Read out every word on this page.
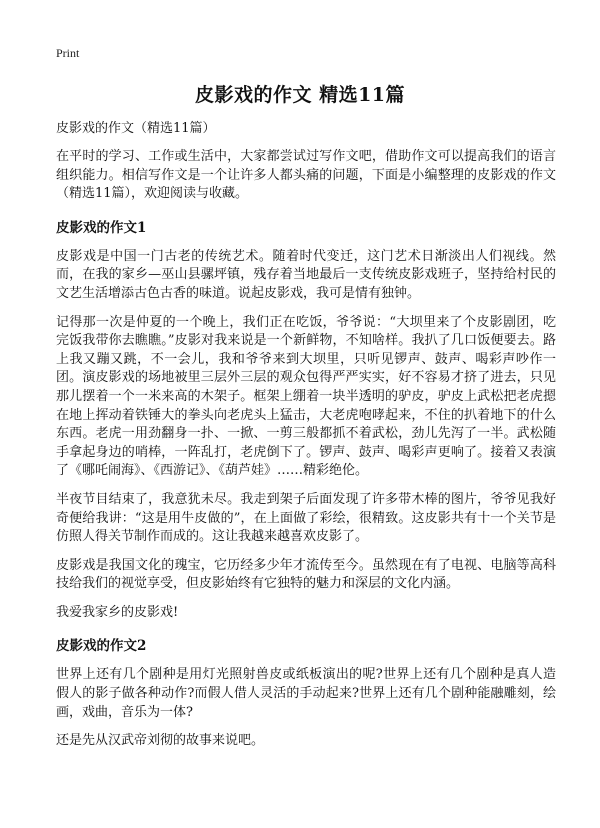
Print
皮影戏的作文 精选11篇

皮影戏的作文（精选11篇）

在平时的学习、工作或生活中，大家都尝试过写作文吧，借助作文可以提高我们的语言组织能力。相信写作文是一个让许多人都头痛的问题，下面是小编整理的皮影戏的作文（精选11篇），欢迎阅读与收藏。

皮影戏的作文1

皮影戏是中国一门古老的传统艺术。随着时代变迁，这门艺术日渐淡出人们视线。然而，在我的家乡—巫山县骡坪镇，残存着当地最后一支传统皮影戏班子，坚持给村民的文艺生活增添古色古香的味道。说起皮影戏，我可是情有独钟。

记得那一次是仲夏的一个晚上，我们正在吃饭，爷爷说：“大坝里来了个皮影剧团，吃完饭我带你去瞧瞧。”皮影对我来说是一个新鲜物，不知啥样。我扒了几口饭便要去。路上我又蹦又跳，不一会儿，我和爷爷来到大坝里，只听见锣声、鼓声、喝彩声吵作一团。演皮影戏的场地被里三层外三层的观众包得严严实实，好不容易才挤了进去，只见那儿摆着一个一米来高的木架子。框架上绷着一块半透明的驴皮，驴皮上武松把老虎摁在地上挥动着铁锤大的拳头向老虎头上猛击，大老虎咆哮起来，不住的扒着地下的什么东西。老虎一用劲翻身一扑、一掀、一剪三般都抓不着武松，劲儿先泻了一半。武松随手拿起身边的哨棒，一阵乱打，老虎倒下了。锣声、鼓声、喝彩声更响了。接着又表演了《哪吒闹海》、《西游记》、《葫芦娃》……精彩绝伦。

半夜节目结束了，我意犹未尽。我走到架子后面发现了许多带木棒的图片，爷爷见我好奇便给我讲：“这是用牛皮做的”，在上面做了彩绘，很精致。这皮影共有十一个关节是仿照人得关节制作而成的。这让我越来越喜欢皮影了。

皮影戏是我国文化的瑰宝，它历经多少年才流传至今。虽然现在有了电视、电脑等高科技给我们的视觉享受，但皮影始终有它独特的魅力和深层的文化内涵。

我爱我家乡的皮影戏!

皮影戏的作文2

世界上还有几个剧种是用灯光照射兽皮或纸板演出的呢?世界上还有几个剧种是真人造假人的影子做各种动作?而假人借人灵活的手动起来?世界上还有几个剧种能融雕刻，绘画，戏曲，音乐为一体?

还是先从汉武帝刘彻的故事来说吧。
